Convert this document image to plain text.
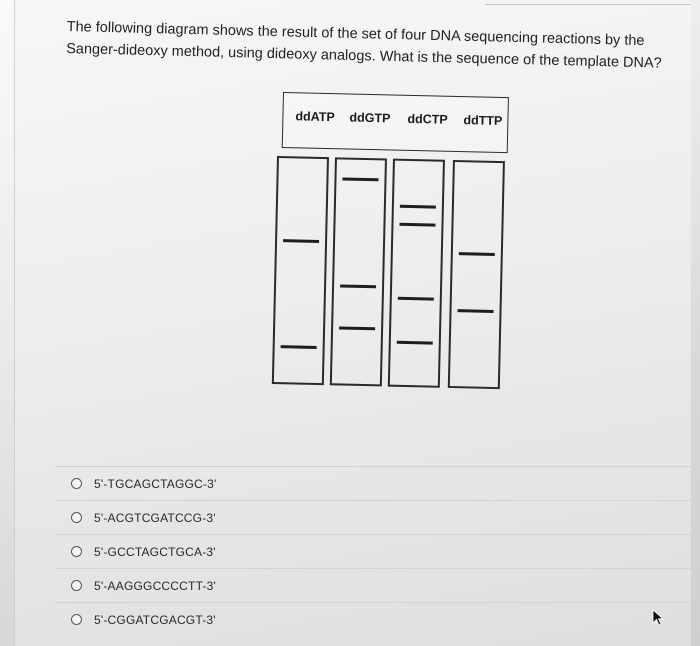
The following diagram shows the result of the set of four DNA sequencing reactions by the Sanger-dideoxy method, using dideoxy analogs. What is the sequence of the template DNA?
ddATP ddGTP ddCTP ddTTP
5'-TGCAGCTAGGC-3'
5'-ACGTCGATCCG-3'
5'-GCCTAGCTGCA-3'
5'-AAGGGCCCCTT-3'
5'-CGGATCGACGT-3'
